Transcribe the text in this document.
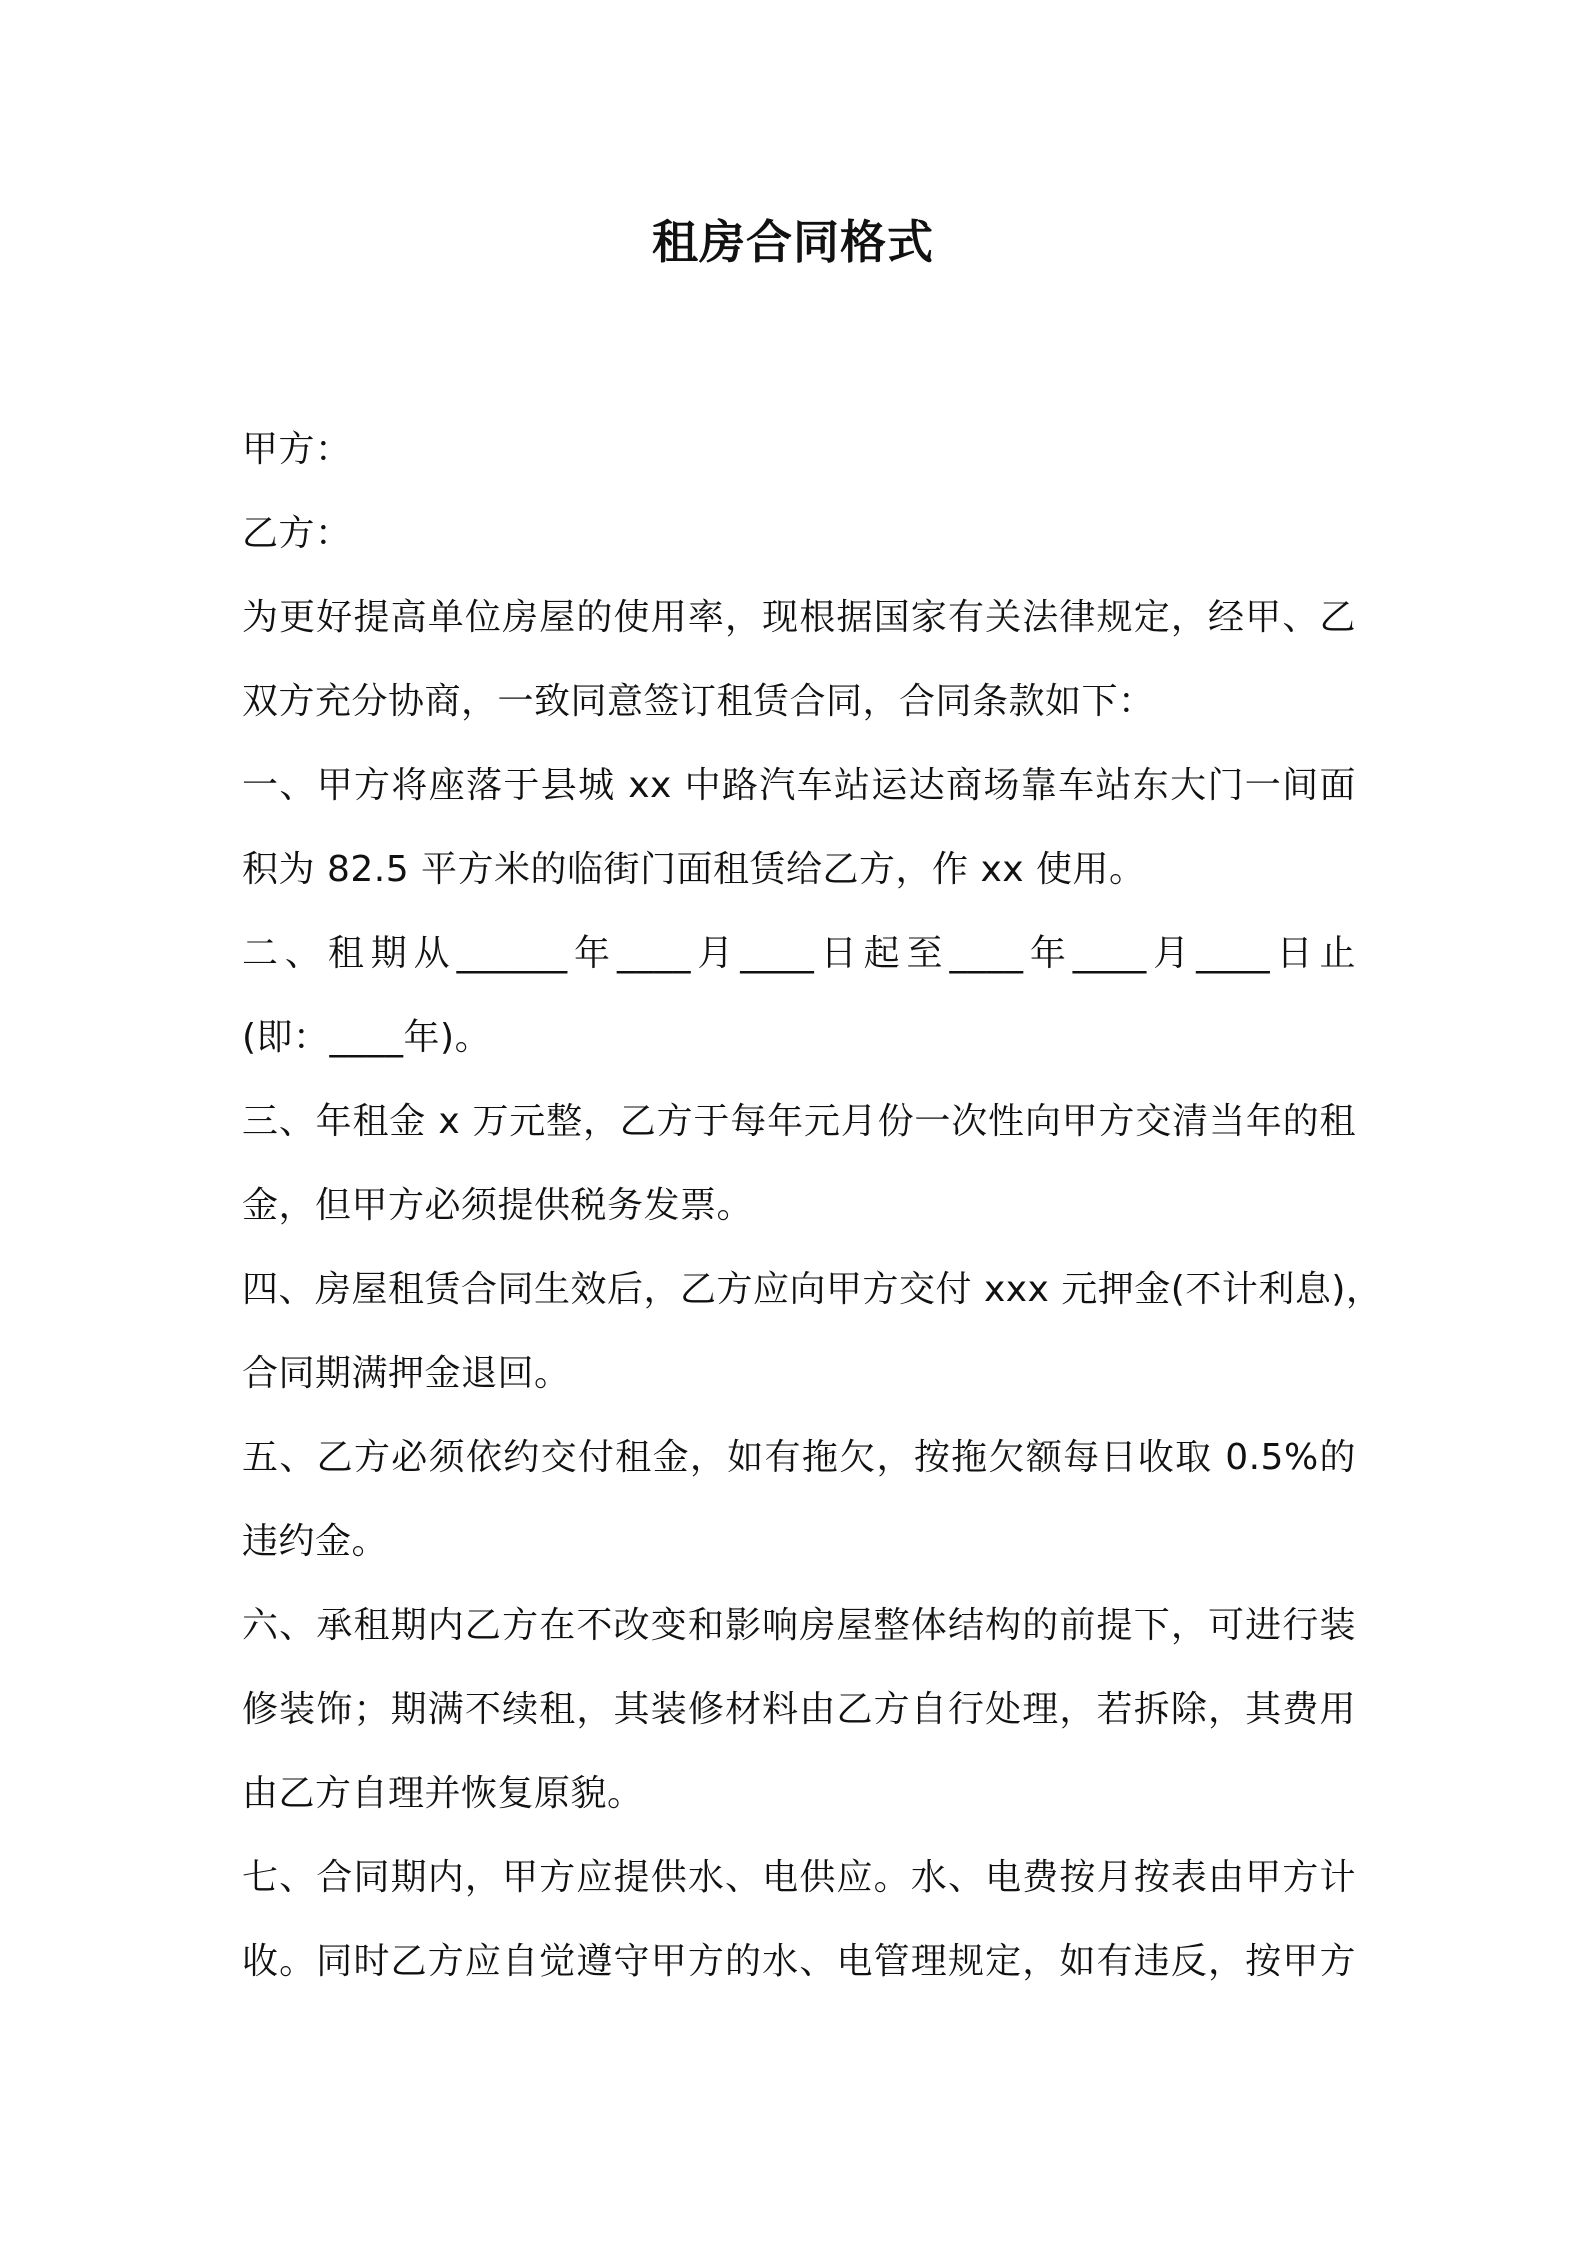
租房合同格式
甲方：
乙方：
为更好提高单位房屋的使用率，现根据国家有关法律规定，经甲、乙
双方充分协商，一致同意签订租赁合同，合同条款如下：
一、甲方将座落于县城 xx 中路汽车站运达商场靠车站东大门一间面
积为 82.5 平方米的临街门面租赁给乙方，作 xx 使用。
二、租期从______年____月____日起至____年____月____日止
(即：____年)。
三、年租金 x 万元整，乙方于每年元月份一次性向甲方交清当年的租
金，但甲方必须提供税务发票。
四、房屋租赁合同生效后，乙方应向甲方交付 xxx 元押金(不计利息)，
合同期满押金退回。
五、乙方必须依约交付租金，如有拖欠，按拖欠额每日收取 0.5%的
违约金。
六、承租期内乙方在不改变和影响房屋整体结构的前提下，可进行装
修装饰；期满不续租，其装修材料由乙方自行处理，若拆除，其费用
由乙方自理并恢复原貌。
七、合同期内，甲方应提供水、电供应。水、电费按月按表由甲方计
收。同时乙方应自觉遵守甲方的水、电管理规定，如有违反，按甲方
